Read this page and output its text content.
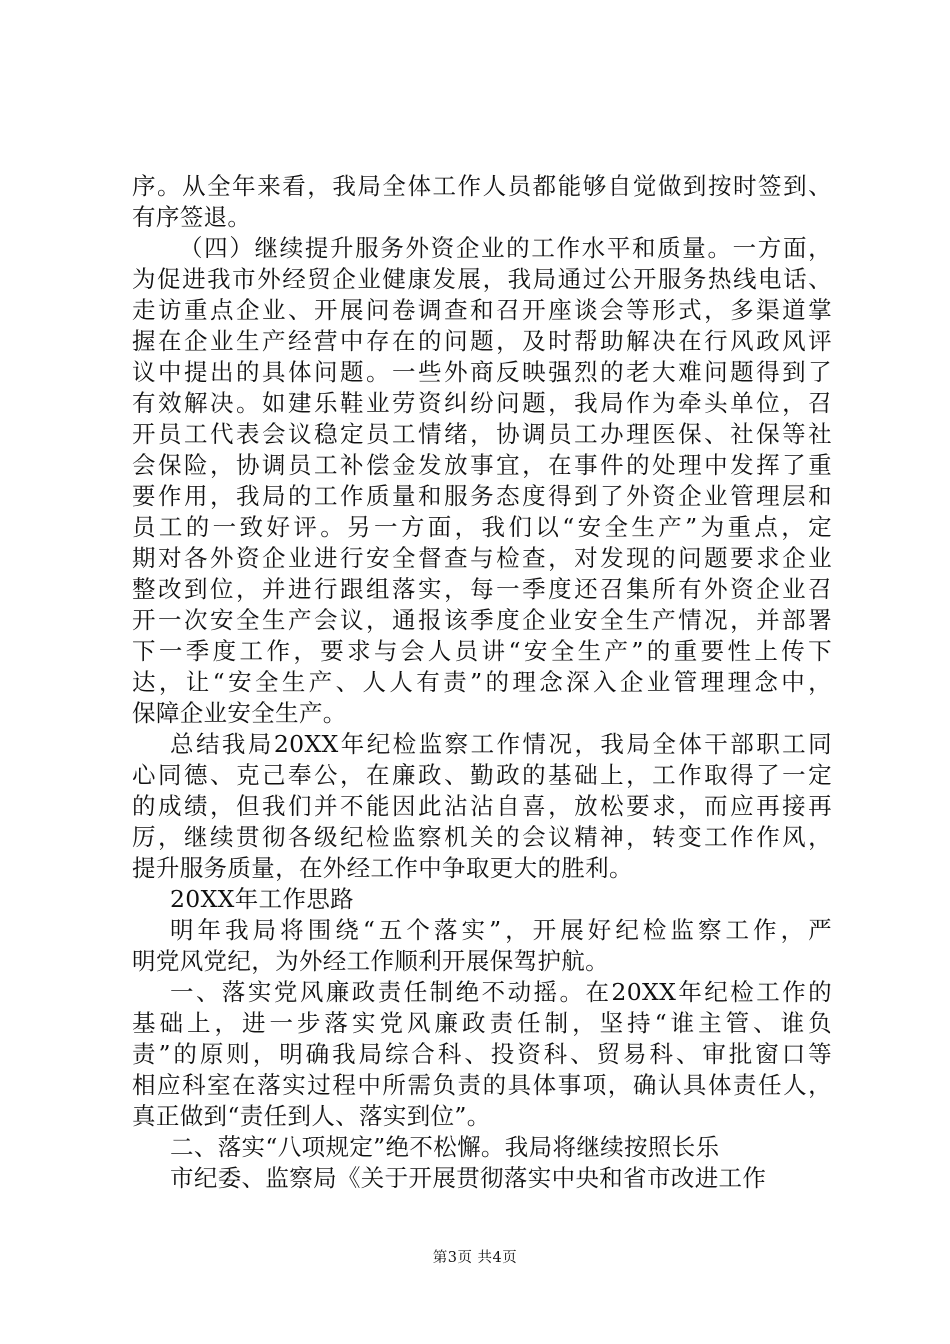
序。从全年来看，我局全体工作人员都能够自觉做到按时签到、
有序签退。
（四）继续提升服务外资企业的工作水平和质量。一方面，
为促进我市外经贸企业健康发展，我局通过公开服务热线电话、
走访重点企业、开展问卷调查和召开座谈会等形式，多渠道掌
握在企业生产经营中存在的问题，及时帮助解决在行风政风评
议中提出的具体问题。一些外商反映强烈的老大难问题得到了
有效解决。如建乐鞋业劳资纠纷问题，我局作为牵头单位，召
开员工代表会议稳定员工情绪，协调员工办理医保、社保等社
会保险，协调员工补偿金发放事宜，在事件的处理中发挥了重
要作用，我局的工作质量和服务态度得到了外资企业管理层和
员工的一致好评。另一方面，我们以“安全生产”为重点，定
期对各外资企业进行安全督查与检查，对发现的问题要求企业
整改到位，并进行跟组落实，每一季度还召集所有外资企业召
开一次安全生产会议，通报该季度企业安全生产情况，并部署
下一季度工作，要求与会人员讲“安全生产”的重要性上传下
达，让“安全生产、人人有责”的理念深入企业管理理念中，
保障企业安全生产。
总结我局20XX年纪检监察工作情况，我局全体干部职工同
心同德、克己奉公，在廉政、勤政的基础上，工作取得了一定
的成绩，但我们并不能因此沾沾自喜，放松要求，而应再接再
厉，继续贯彻各级纪检监察机关的会议精神，转变工作作风，
提升服务质量，在外经工作中争取更大的胜利。
20XX年工作思路
明年我局将围绕“五个落实”，开展好纪检监察工作，严
明党风党纪，为外经工作顺利开展保驾护航。
一、落实党风廉政责任制绝不动摇。在20XX年纪检工作的
基础上，进一步落实党风廉政责任制，坚持“谁主管、谁负
责”的原则，明确我局综合科、投资科、贸易科、审批窗口等
相应科室在落实过程中所需负责的具体事项，确认具体责任人，
真正做到“责任到人、落实到位”。
二、落实“八项规定”绝不松懈。我局将继续按照长乐
市纪委、监察局《关于开展贯彻落实中央和省市改进工作
第3页 共4页
